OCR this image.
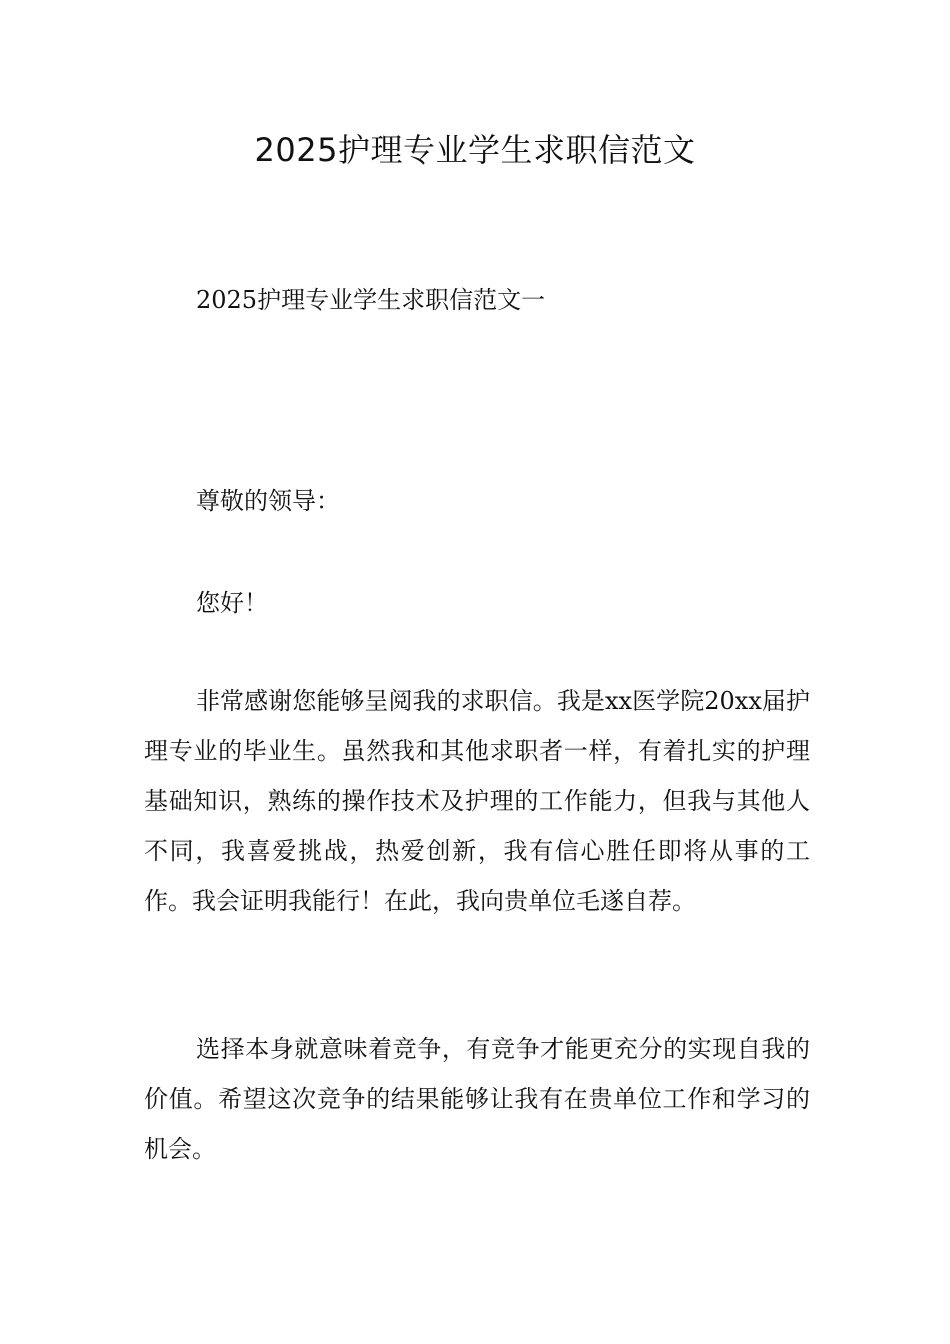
2025护理专业学生求职信范文

2025护理专业学生求职信范文一

尊敬的领导：

您好！

非常感谢您能够呈阅我的求职信。我是xx医学院20xx届护理专业的毕业生。虽然我和其他求职者一样，有着扎实的护理基础知识，熟练的操作技术及护理的工作能力，但我与其他人不同，我喜爱挑战，热爱创新，我有信心胜任即将从事的工作。我会证明我能行！在此，我向贵单位毛遂自荐。

选择本身就意味着竞争，有竞争才能更充分的实现自我的价值。希望这次竞争的结果能够让我有在贵单位工作和学习的机会。
